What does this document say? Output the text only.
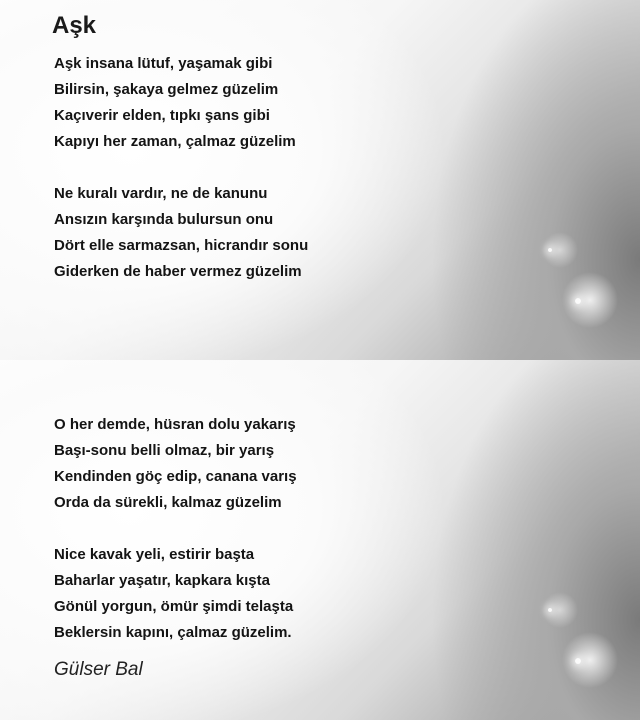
Aşk
Aşk insana lütuf, yaşamak gibi
Bilirsin, şakaya gelmez güzelim
Kaçıverir elden, tıpkı şans gibi
Kapıyı her zaman, çalmaz güzelim
Ne kuralı vardır, ne de kanunu
Ansızın karşında bulursun onu
Dört elle sarmazsan, hicrandır sonu
Giderken de haber vermez güzelim
O her demde, hüsran dolu yakarış
Başı-sonu belli olmaz, bir yarış
Kendinden göç edip, canana varış
Orda da sürekli, kalmaz güzelim
Nice kavak yeli, estirir başta
Baharlar yaşatır, kapkara kışta
Gönül yorgun, ömür şimdi telaşta
Beklersin kapını, çalmaz güzelim.
Gülser Bal
